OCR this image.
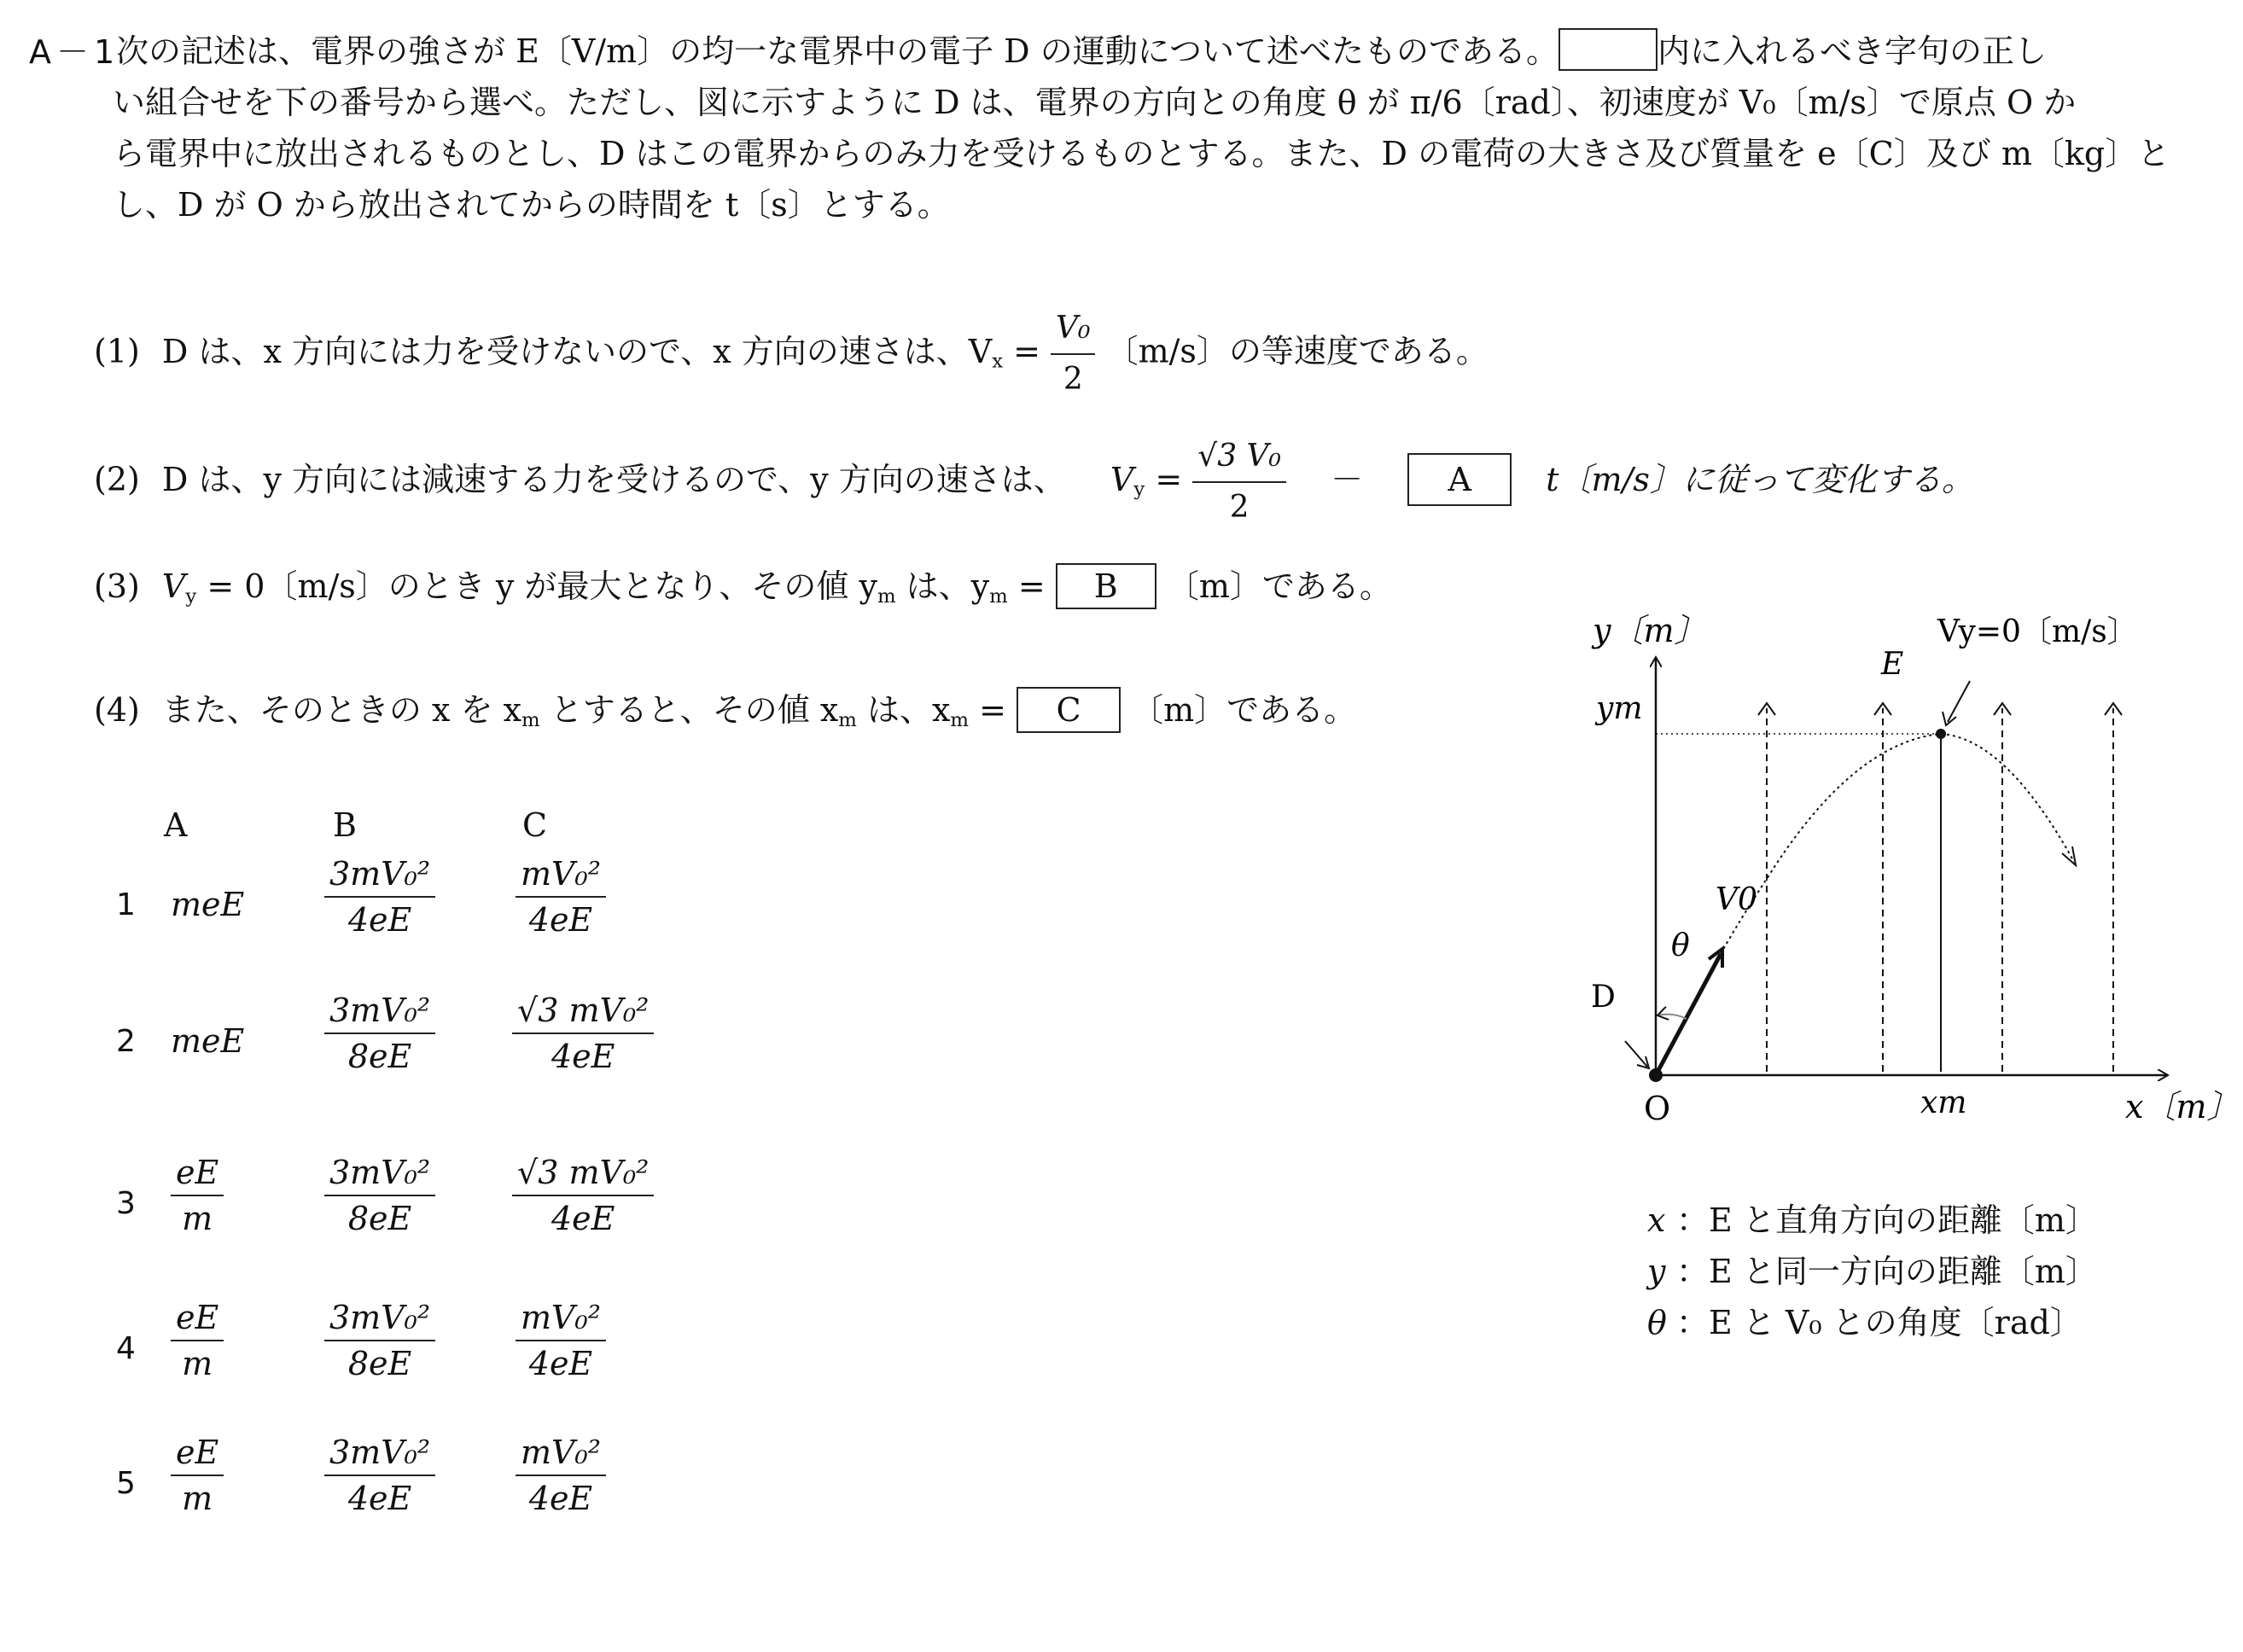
A－1

次の記述は、電界の強さが E〔V/m〕の均一な電界中の電子 D の運動について述べたものである。	内に入れるべき字句の正し

い組合せを下の番号から選べ。ただし、図に示すように D は、電界の方向との角度 θ が π/6〔rad〕、初速度が V₀〔m/s〕で原点 O か

ら電界中に放出されるものとし、D はこの電界からのみ力を受けるものとする。また、D の電荷の大きさ及び質量を e〔C〕及び m〔kg〕と

し、D が O から放出されてからの時間を t〔s〕とする。

(1) D は、x 方向には力を受けないので、x 方向の速さは、$V_x = \frac{\text{V₀}}{2}$ 〔m/s〕の等速度である。
(2) D は、y 方向には減速する力を受けるので、y 方向の速さは、 $V_y = \frac{\text{√3 V₀}}{2}$ －	A t〔m/s〕に従って変化する。
(3) $V_y = 0$〔m/s〕のとき y が最大となり、その値 $y_m$ は、$y_m = B$ 〔m〕である。
(4) また、そのときの x を $x_m$ とすると、その値 $x_m$ は、$x_m = C$ 〔m〕である。
A	B	C
1 meE $\frac{\text{3mV₀²}}{4eE} \frac{\text{mV₀²}}{4eE}$
2 meE $\frac{\text{3mV₀²}}{8eE} \frac{\text{√3 mV₀²}}{4eE}$
$3 \frac{eE}{m}$	$\frac{\text{3mV₀²}}{8eE} \frac{\text{√3 mV₀²}}{4eE}$
$4 \frac{eE}{m}$	$\frac{\text{3mV₀²}}{8eE} \frac{\text{mV₀²}}{4eE}$
$5 \frac{eE}{m}$	$\frac{\text{3mV₀²}}{4eE} \frac{\text{mV₀²}}{4eE}$
y〔m〕
x〔m〕
O
ym
xm
Vy=0〔m/s〕
E
V0
θ
D
x ：E と直角方向の距離〔m〕
y ：E と同一方向の距離〔m〕
θ ：E と V₀ との角度〔rad〕
